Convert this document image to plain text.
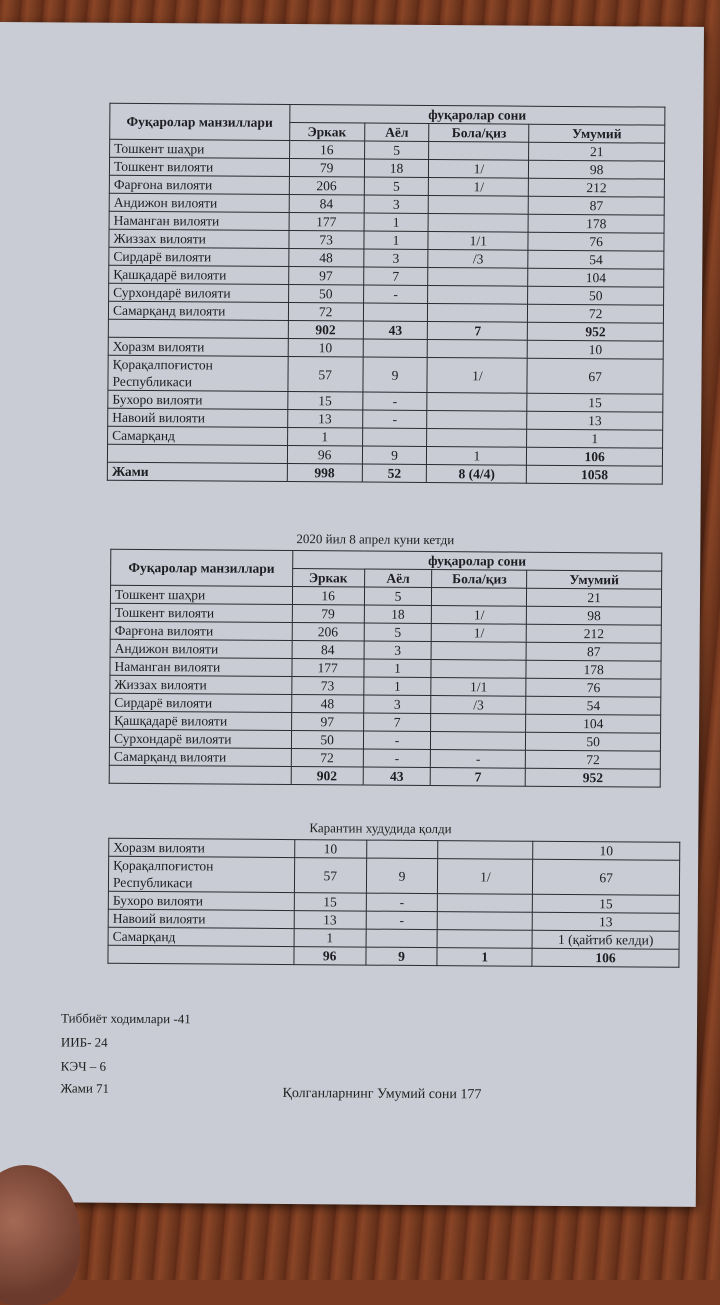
Фуқаролар манзиллари	фуқаролар сони			
	Эркак	Аёл	Бола/қиз	Умумий
Тошкент шаҳри	16	5		21
Тошкент вилояти	79	18	1/	98
Фарғона вилояти	206	5	1/	212
Андижон вилояти	84	3		87
Наманган вилояти	177	1		178
Жиззах вилояти	73	1	1/1	76
Сирдарё вилояти	48	3	/3	54
Қашқадарё вилояти	97	7		104
Сурхондарё вилояти	50	-		50
Самарқанд вилояти	72			72
	902	43	7	952
Хоразм вилояти	10			10
Қорақалпоғистон Республикаси	57	9	1/	67
Бухоро вилояти	15	-		15
Навоий вилояти	13	-		13
Самарқанд	1			1
	96	9	1	106
Жами	998	52	8 (4/4)	1058
2020 йил 8 апрел куни кетди
Фуқаролар манзиллари	фуқаролар сони			
	Эркак	Аёл	Бола/қиз	Умумий
Тошкент шаҳри	16	5		21
Тошкент вилояти	79	18	1/	98
Фарғона вилояти	206	5	1/	212
Андижон вилояти	84	3		87
Наманган вилояти	177	1		178
Жиззах вилояти	73	1	1/1	76
Сирдарё вилояти	48	3	/3	54
Қашқадарё вилояти	97	7		104
Сурхондарё вилояти	50	-		50
Самарқанд вилояти	72	-	-	72
	902	43	7	952
Карантин худудида қолди
Хоразм вилояти	10			10
Қорақалпоғистон Республикаси	57	9	1/	67
Бухоро вилояти	15	-		15
Навоий вилояти	13	-		13
Самарқанд	1			1 (қайтиб келди)
	96	9	1	106
Тиббиёт ходимлари -41
ИИБ- 24
КЭЧ – 6
Жами 71	Қолганларнинг Умумий сони 177
